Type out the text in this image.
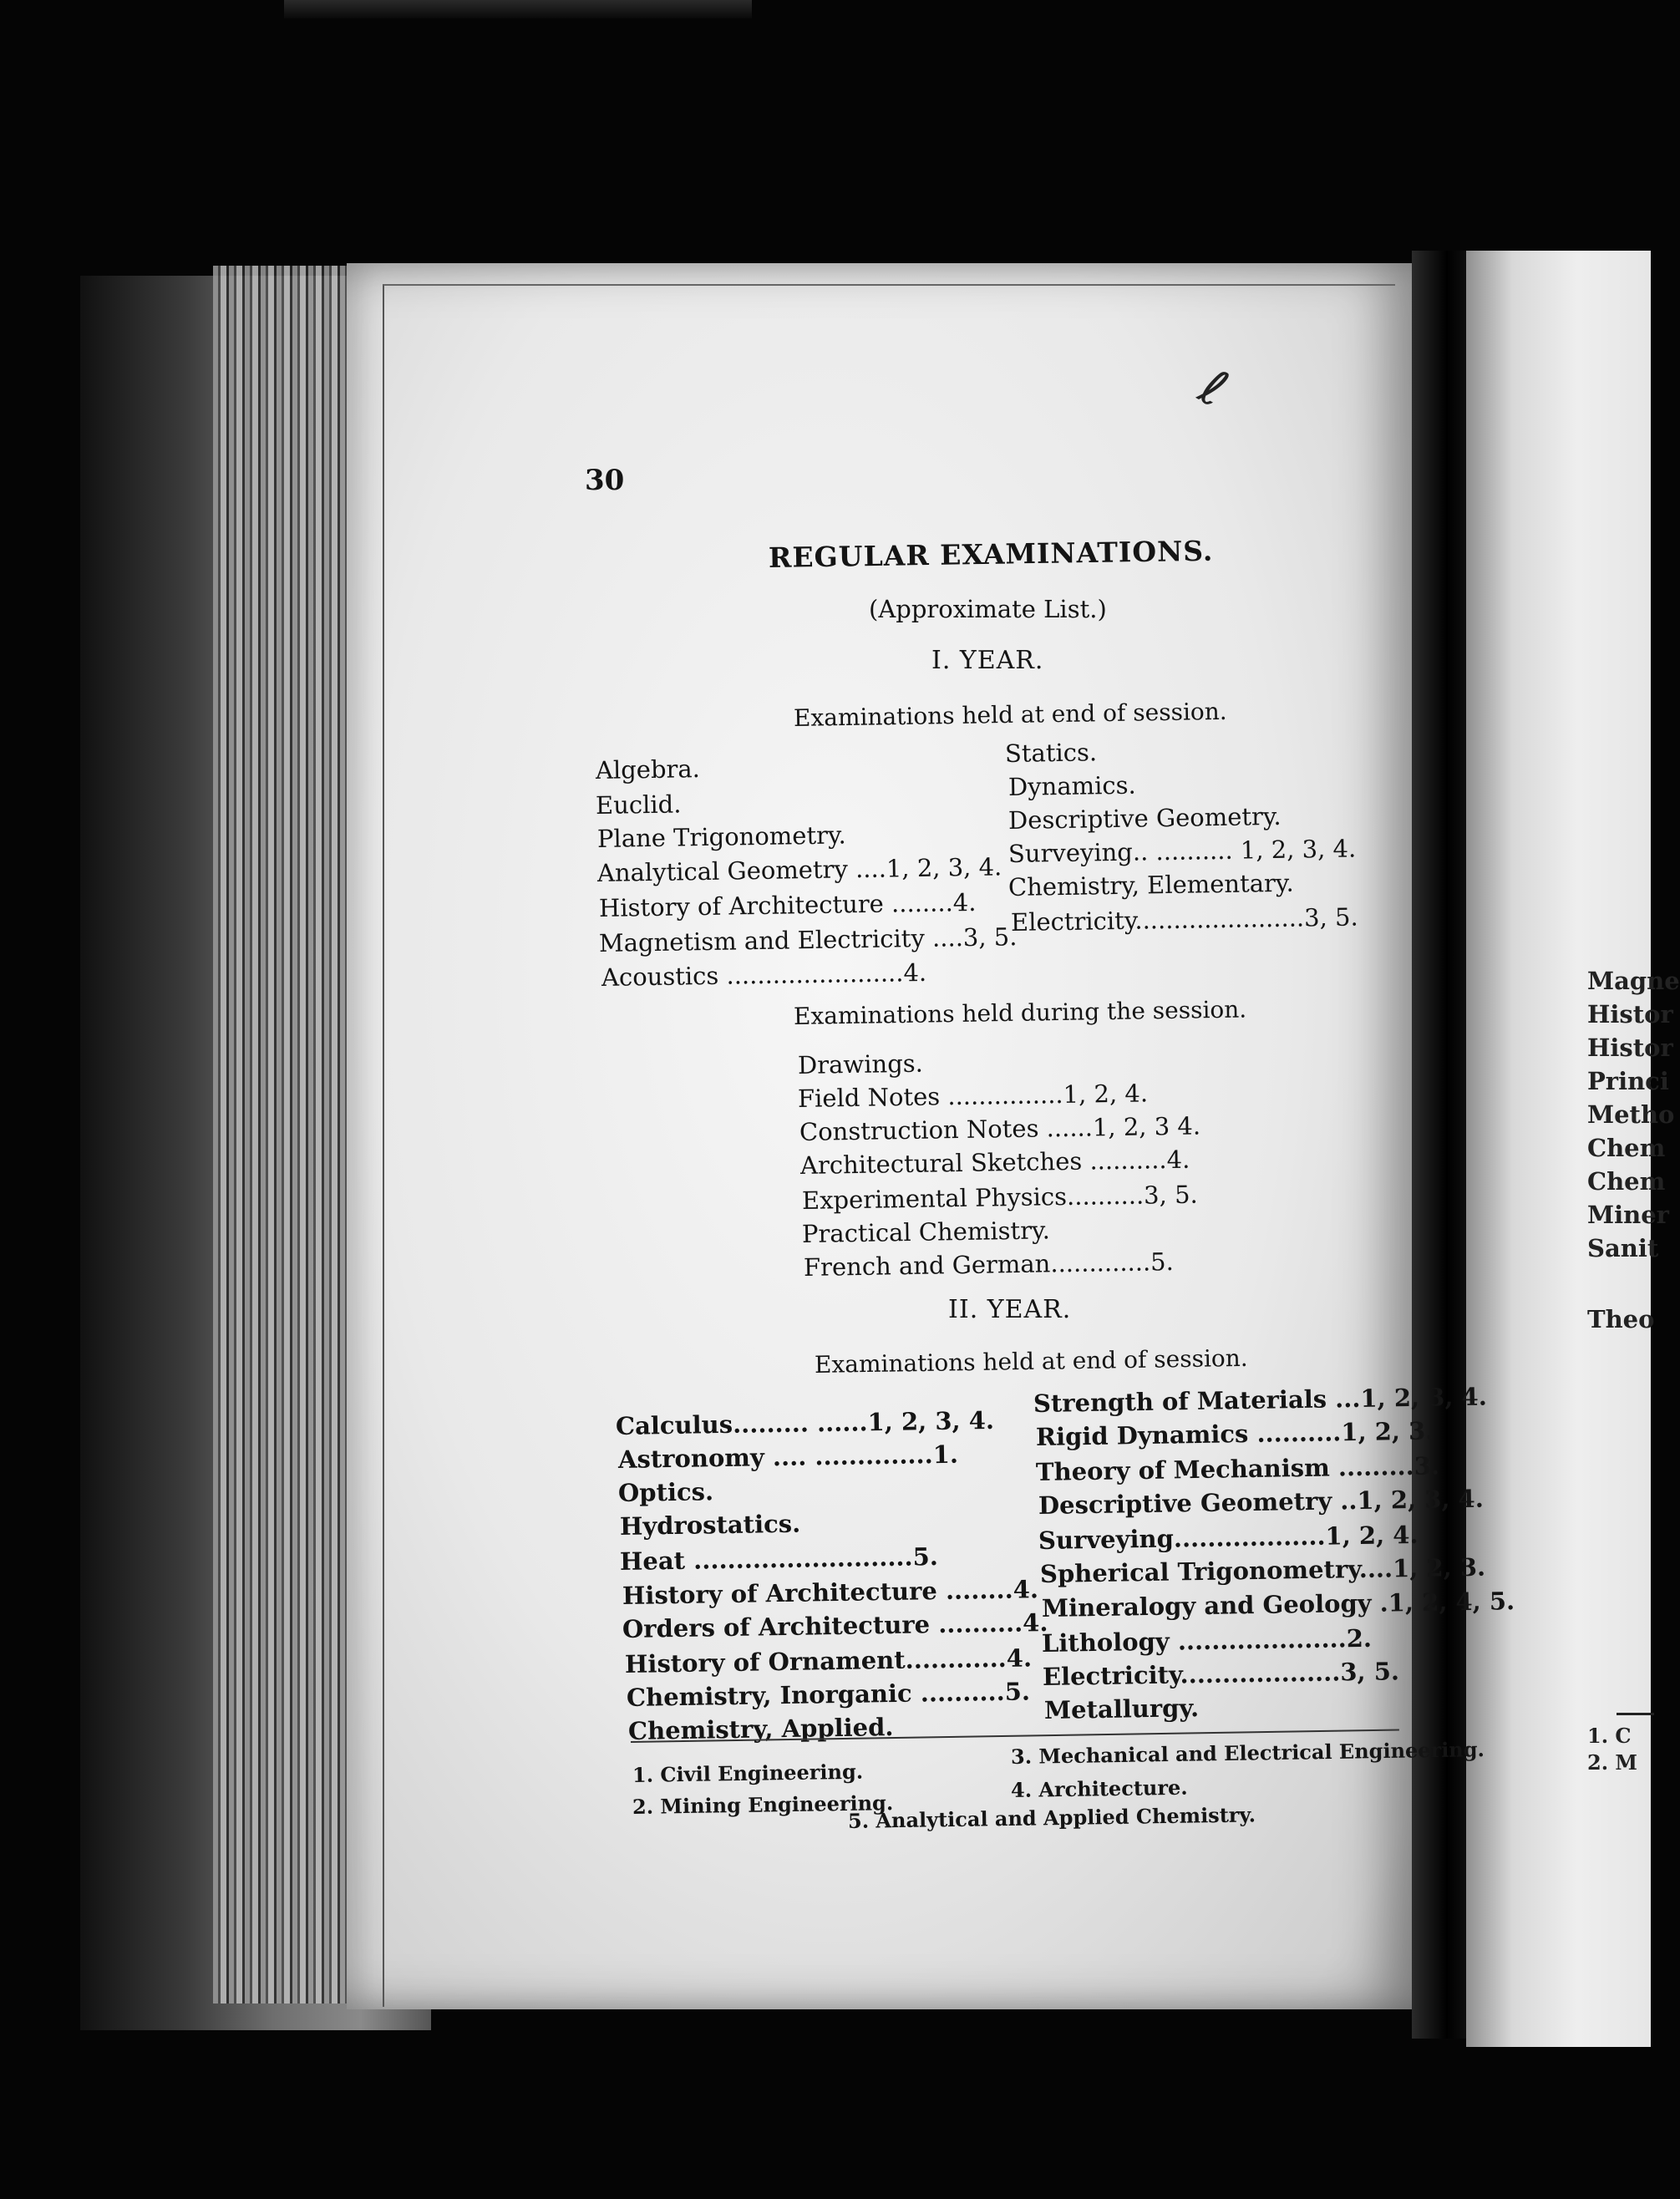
Magne
Histor
Histor
Princi
Metho
Chem
Chem
Miner
Sanit
Theo
1. C
2. M
ℓ
30
REGULAR EXAMINATIONS.
(Approximate List.)
I. YEAR.
Examinations held at end of session.
Algebra.
Euclid.
Plane Trigonometry.
Analytical Geometry ....1, 2, 3, 4.
History of Architecture ........4.
Magnetism and Electricity ....3, 5.
Acoustics .......................4.
Statics.
Dynamics.
Descriptive Geometry.
Surveying.. .......... 1, 2, 3, 4.
Chemistry, Elementary.
Electricity......................3, 5.
Examinations held during the session.
Drawings.
Field Notes ...............1, 2, 4.
Construction Notes ......1, 2, 3 4.
Architectural Sketches ..........4.
Experimental Physics..........3, 5.
Practical Chemistry.
French and German.............5.
II. YEAR.
Examinations held at end of session.
Calculus......... ......1, 2, 3, 4.
Astronomy .... ..............1.
Optics.
Hydrostatics.
Heat ..........................5.
History of Architecture ........4.
Orders of Architecture ..........4.
History of Ornament............4.
Chemistry, Inorganic ..........5.
Chemistry, Applied.
Strength of Materials ...1, 2, 3, 4.
Rigid Dynamics ..........1, 2, 3.
Theory of Mechanism .........3.
Descriptive Geometry ..1, 2, 3, 4.
Surveying..................1, 2, 4.
Spherical Trigonometry....1, 2, 3.
Mineralogy and Geology .1, 2, 4, 5.
Lithology ....................2.
Electricity...................3, 5.
Metallurgy.
1. Civil Engineering.
2. Mining Engineering.
3. Mechanical and Electrical Engineering.
4. Architecture.
5. Analytical and Applied Chemistry.
